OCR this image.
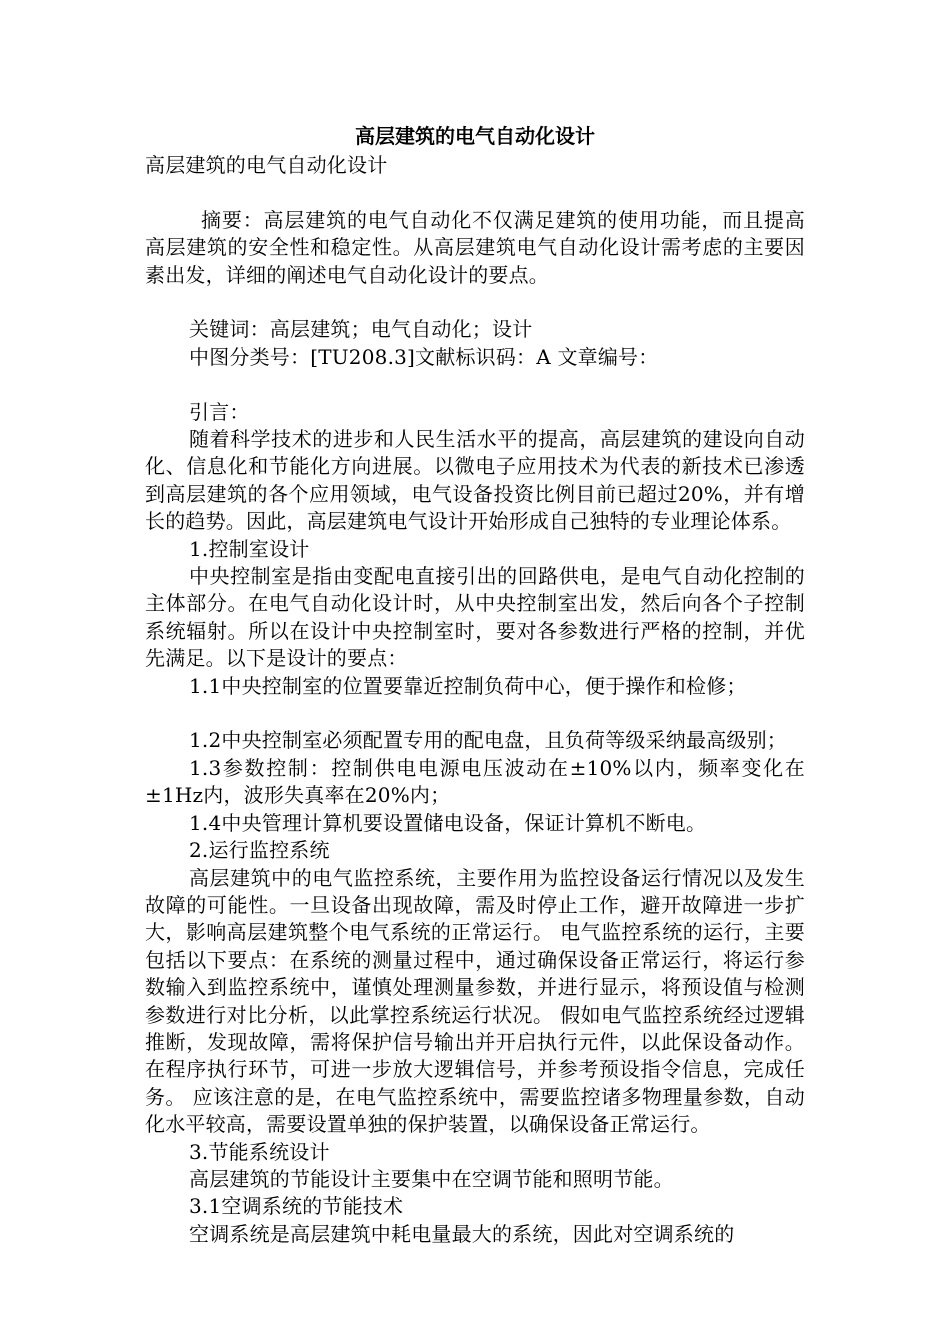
高层建筑的电气自动化设计

高层建筑的电气自动化设计

摘要：高层建筑的电气自动化不仅满足建筑的使用功能，而且提高高层建筑的安全性和稳定性。从高层建筑电气自动化设计需考虑的主要因素出发，详细的阐述电气自动化设计的要点。

关键词：高层建筑；电气自动化；设计

中图分类号：[TU208.3]文献标识码：A 文章编号：

引言：

随着科学技术的进步和人民生活水平的提高，高层建筑的建设向自动化、信息化和节能化方向进展。以微电子应用技术为代表的新技术已渗透到高层建筑的各个应用领域，电气设备投资比例目前已超过20%，并有增长的趋势。因此，高层建筑电气设计开始形成自己独特的专业理论体系。

1.控制室设计

中央控制室是指由变配电直接引出的回路供电，是电气自动化控制的主体部分。在电气自动化设计时，从中央控制室出发，然后向各个子控制系统辐射。所以在设计中央控制室时，要对各参数进行严格的控制，并优先满足。以下是设计的要点：

1.1中央控制室的位置要靠近控制负荷中心，便于操作和检修；

1.2中央控制室必须配置专用的配电盘，且负荷等级采纳最高级别；

1.3参数控制：控制供电电源电压波动在±10%以内，频率变化在±1Hz内，波形失真率在20%内；

1.4中央管理计算机要设置储电设备，保证计算机不断电。

2.运行监控系统

高层建筑中的电气监控系统，主要作用为监控设备运行情况以及发生故障的可能性。一旦设备出现故障，需及时停止工作，避开故障进一步扩大，影响高层建筑整个电气系统的正常运行。 电气监控系统的运行，主要包括以下要点：在系统的测量过程中，通过确保设备正常运行，将运行参数输入到监控系统中，谨慎处理测量参数，并进行显示，将预设值与检测参数进行对比分析，以此掌控系统运行状况。 假如电气监控系统经过逻辑推断，发现故障，需将保护信号输出并开启执行元件，以此保设备动作。 在程序执行环节，可进一步放大逻辑信号，并参考预设指令信息，完成任务。 应该注意的是，在电气监控系统中，需要监控诸多物理量参数，自动化水平较高，需要设置单独的保护装置，以确保设备正常运行。

3.节能系统设计

高层建筑的节能设计主要集中在空调节能和照明节能。

3.1空调系统的节能技术

空调系统是高层建筑中耗电量最大的系统，因此对空调系统的
